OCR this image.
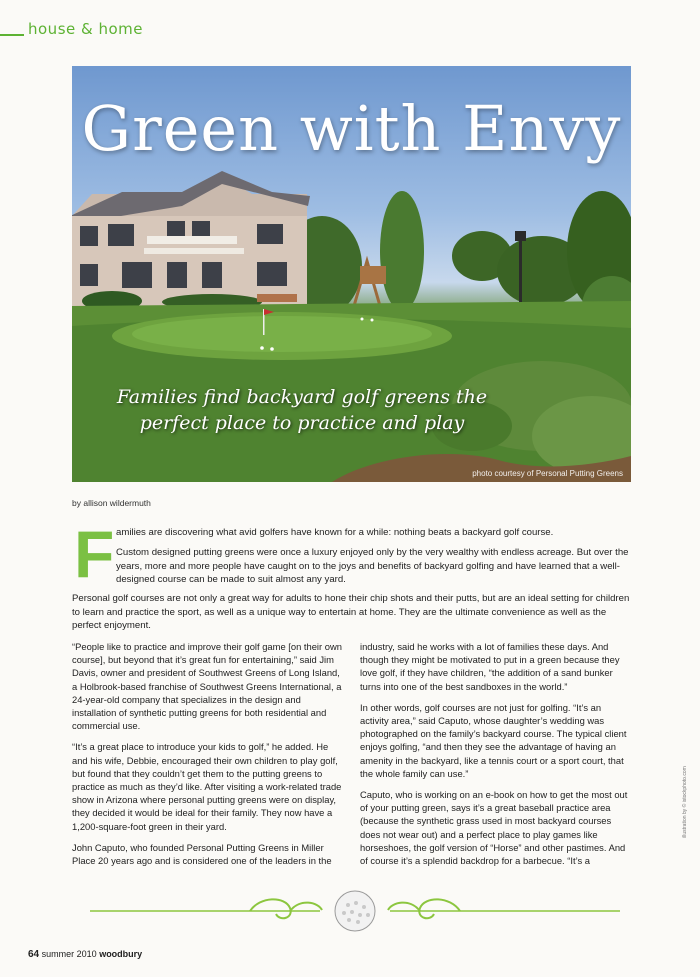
house & home
Green with Envy
Families find backyard golf greens the
perfect place to practice and play
photo courtesy of Personal Putting Greens
by allison wildermuth
F amilies are discovering what avid golfers have known for a while: nothing beats a backyard golf course.

Custom designed putting greens were once a luxury enjoyed only by the very wealthy with endless acreage. But over the years, more and more people have caught on to the joys and benefits of backyard golfing and have learned that a well-designed course can be made to suit almost any yard.

Personal golf courses are not only a great way for adults to hone their chip shots and their putts, but are an ideal setting for children to learn and practice the sport, as well as a unique way to entertain at home. They are the ultimate convenience as well as the perfect enjoyment.

“People like to practice and improve their golf game [on their own course], but beyond that it’s great fun for entertaining,” said Jim Davis, owner and president of Southwest Greens of Long Island, a Holbrook-based franchise of Southwest Greens International, a 24-year-old company that specializes in the design and installation of synthetic putting greens for both residential and commercial use.

“It’s a great place to introduce your kids to golf,” he added. He and his wife, Debbie, encouraged their own children to play golf, but found that they couldn’t get them to the putting greens to practice as much as they’d like. After visiting a work-related trade show in Arizona where personal putting greens were on display, they decided it would be ideal for their family. They now have a 1,200-square-foot green in their yard.

John Caputo, who founded Personal Putting Greens in Miller Place 20 years ago and is considered one of the leaders in the

industry, said he works with a lot of families these days. And though they might be motivated to put in a green because they love golf, if they have children, “the addition of a sand bunker turns into one of the best sandboxes in the world.”

In other words, golf courses are not just for golfing. “It’s an activity area,” said Caputo, whose daughter’s wedding was photographed on the family’s backyard course. The typical client enjoys golfing, “and then they see the advantage of having an amenity in the backyard, like a tennis court or a sport court, that the whole family can use.”

Caputo, who is working on an e-book on how to get the most out of your putting green, says it’s a great baseball practice area (because the synthetic grass used in most backyard courses does not wear out) and a perfect place to play games like horseshoes, the golf version of “Horse” and other pastimes. And of course it’s a splendid backdrop for a barbecue. “It’s a

illustration by © istockphoto.com
64 summer 2010 woodbury
